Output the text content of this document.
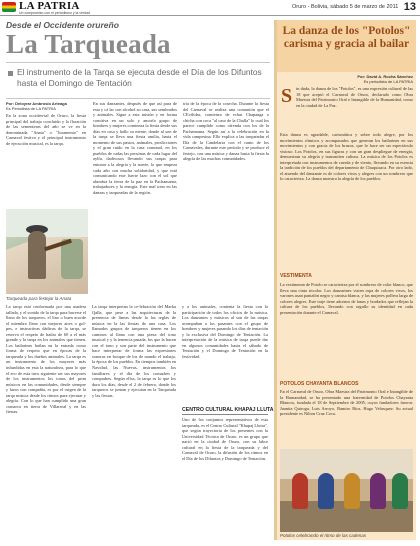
LA PATRIA
Un compromiso con el periodismo y la verdad
Oruro - Bolivia, sábado 5 de marzo de 2011 13
Desde el Occidente orureño
La Tarqueada
El instrumento de la Tarqa se ejecuta desde el Día de los Difuntos hasta el Domingo de Tentación
Por: Deloyrar Ambrosio Arteaga
Es Periodista de LA PATRIA
En la zona occiden-tal de Oruro, la fiesta principal del trabajo concluido y la floración de las sementeras del año se ve en la denominada "Anata" o "Juramento" en Carnaval festiva y el principal instrumento de ejecución musical, es la tarqa.
En sus danzantes, después de que así para de esta y cá lar con alcohol su casa, sus sembrados y animales. Sigue a esta misión y en forma comitiva en un solo y amorfo grupo de hombres y mujeres comienza la fiesta desde sus días en casa y hallo su mente, donde al son de la tarqa se lleva una fiesta amilia, hasta el momento de sus pastos, animales, prodicciones y el gran ruido en la casa comunal, en los pueblos de cadas las persónas de cada lugar del ayllu, dadivosos llevando sus tarqas para entonar a la alegría y la suerte, lo que empeza cada año con mucha solidaridad, y que está comunicando este fuerte lazo con el sol que alumbra la tierra de la paz en la Pachamama, trabajadores y la energía. Este mal tono en las danzas y tarqueadas de la región.
tría de la época de la cosecha. Durante la fiesta del Carnaval se realiza una comunión que el CEvilidas, comienzo de echar Chapanga o chicha con coca "al caso de la Challa" lo cual los parece cumplido como ofrenda con los de la Pachamama. Según así a la celebración en la vida campesina. Ello explica a las tarqueadas el Día de la Candelaria con el canto de los Carnavales, durante este período y se produce el festejo, con una música y danza hasta la fiesta la alegría de las muchas comunidades.
Tarqueada para festejar la Anata
La tarqa está conformada por una madera tallada, y el sonido de la tarqa para hacerse el lleno de los tarqueros, el lino o buen acorde el miembro lleno con mejores aires o gol-pes, e instructivas dádivas de la tarqa, se reserva el respeto de bailar de 60 a el más grande y la tarqa en los animales que tienen. Los bailarines bailan en la entrada como forma de respeto que en épocas de la tarqueada y los dueños animales. La tarqa es un instrumento de los mayores más infundidas en esta la naturaleza, para lo que el eco de esta tuvo siguiente ser sus mayores de los instrumentos los tonos del prim músicos en las comunidades, desde siempre y lazos con compañía, es por el origen de la tarqa música desde los ritmos para ejecutar y alegría. Con lo que han cumplido una gran comarca en tierra de Villarreal y en las fiestas.
La tarqa interpretan la ce-lebración del Marka Qalla, que pese a las arquitecturas de la presencia de líneas desde la las reglas de música en la las fiestas de una casa. Los llamados grupos de tarqueros tienen en los caminos al llano con una pieza del tono musical y y la tenencia pasada, los que la hacen con el tono y son parte del instrumento que hace interpretar de forma las expresiones sonoras en bosque de los de mando el trabajo, la época de los pueblos. En tiempos también en Navidad, las Nuevas, instrumentos los familiares y el día de los comadres y compadres. Según ellos, la tarqa es lo que los dura los días, desde el 2 de febrero, donde los tarqueros se juntan y ejecutan en la Tarqueada y las fiestas.
y a los animales, contenta la fiesta con la participación de todos los oficios de la música. Los danzantes y músicos al son de las tarqas acompañan a los pasantes con el grupo de hombres y mujeres pasando los días de tentación y la exclusiva del Domingo de Tentación. La interpretación de la música de tarqa puede dar en algunos comunidades hasta el sábado de Tentación y el Domingo de Tentación en la festividad.
CENTRO CULTURAL KHAPAJ LLUTA
Uno de los conjuntos representativos de esta tarqueada, es el Centro Cultural "Khapaj Llutra", que según trayectoria de los presentes con la Universidad Técnica de Oruro, es un grupo que nació en la ciudad de Oruro, con su labor cultural en la fiesta de la tarqueada y del Carnaval de Oruro, la difusión de los ritmos en el Día de los Difuntos y Domingo de Tentación.
La danza de los "Potolos" carisma y gracia al bailar
Por: David A. Rocha Sánchez
Es periodista de LA PATRIA
S in duda, la danza de los "Potolos", es una expresión cultural de las 18 que aceptó el Carnaval de Oruro, declarado como Obra Maestra del Patrimonio Oral e Intangible de la Humanidad, como en la ciudad de La Paz.
Esta danza es agradable, carismática y sobre todo alegre, por los movimientos rítmicos y acompasados que generan los bailarines en sus movimientos y con gracia de los brazos, que lo hace ser un espectáculo vistoso. Los Potolos, en sus figuras y con un gran despliegue de energía, demuestran su alegría y transmiten cultura. La música de los Potolos es interpretada con instrumentos de cuerda y de viento, llevando en su esencia la tradición de los pueblos del departamento de Chuquisaca. Por otro lado, el atuendo del danzante es de colores vivos y alegres con un sombrero que lo caracteriza. La danza muestra la alegría de los pueblos.
VESTIMENTA
La vestimenta de Potolo se caracteriza por el sombrero de color blanco, que lleva una cinta tricolor. Los danzarines visten ropa de colores vivos, los varones usan pantalón negro y camisa blanca, y las mujeres pollera larga de colores alegres. Este traje tiene adornos de lanas y bordados que reflejan la cultura de los pueblos, llevando con orgullo su identidad en cada presentación durante el Carnaval.
POTOLOS CHAYANTA BLANCOS
En el Carnaval de Oruro, Obra Maestra del Patrimonio Oral e Intangible de la Humanidad, se ha presentado una fraternidad de Potolos Chayanta Blancos, fundada el 18 de Septiembre de 2005, cuyos fundadores fueron: Juanita Quiroga, Luis Arroyo, Ramiro Ríos, Hugo Velasquez. Su actual presidente es Nilton Cruz Coca.
Potolos celebrando el ritmo de las cadenas
